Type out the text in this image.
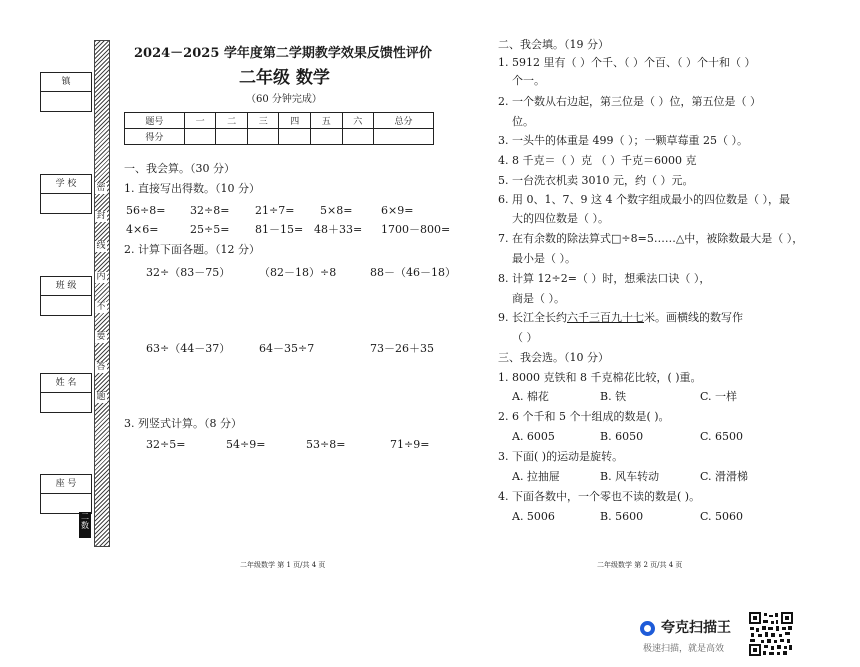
镇
学 校
班 级
姓 名
座 号
密
封
线
内
不
要
答
题
二数
2024－2025 学年度第二学期教学效果反馈性评价
二年级 数学
（60 分钟完成）
题号	一	二	三	四	五	六	总分
得分							
一、我会算。（30 分）
1. 直接写出得数。（10 分）
56÷8= 32÷8= 21÷7= 5×8=	6×9=
4×6=	25÷5= 81－15= 48＋33= 1700－800=
2. 计算下面各题。（12 分）
32÷（83－75）	（82－18）÷8	88－（46－18）
63÷（44－37）	64－35÷7	73－26＋35
3. 列竖式计算。（8 分）
32÷5=	54÷9=	53÷8=	71÷9=
二年级数学 第 1 页/共 4 页
二、我会填。（19 分）
1. 5912 里有（ ）个千、（ ）个百、（ ）个十和（ ）
个一。
2. 一个数从右边起，第三位是（ ）位，第五位是（ ）
位。
3. 一头牛的体重是 499（ ）；一颗草莓重 25（ ）。
4. 8 千克＝（ ）克 （ ）千克＝6000 克
5. 一台洗衣机卖 3010 元，约（ ）元。
6. 用 0、1、7、9 这 4 个数字组成最小的四位数是（ ），最
大的四位数是（ ）。
7. 在有余数的除法算式□÷8=5……△中，被除数最大是（ ），
最小是（ ）。
8. 计算 12÷2=（ ）时，想乘法口诀（ ），
商是（ ）。
9. 长江全长约六千三百九十七米。画横线的数写作
（ ）
三、我会选。（10 分）
1. 8000 克铁和 8 千克棉花比较，( )重。
A. 棉花	B. 铁	C. 一样
2. 6 个千和 5 个十组成的数是( )。
A. 6005	B. 6050	C. 6500
3. 下面( )的运动是旋转。
A. 拉抽屉	B. 风车转动	C. 滑滑梯
4. 下面各数中，一个零也不读的数是( )。
A. 5006	B. 5600	C. 5060
二年级数学 第 2 页/共 4 页
夸克扫描王
极速扫描，就是高效
